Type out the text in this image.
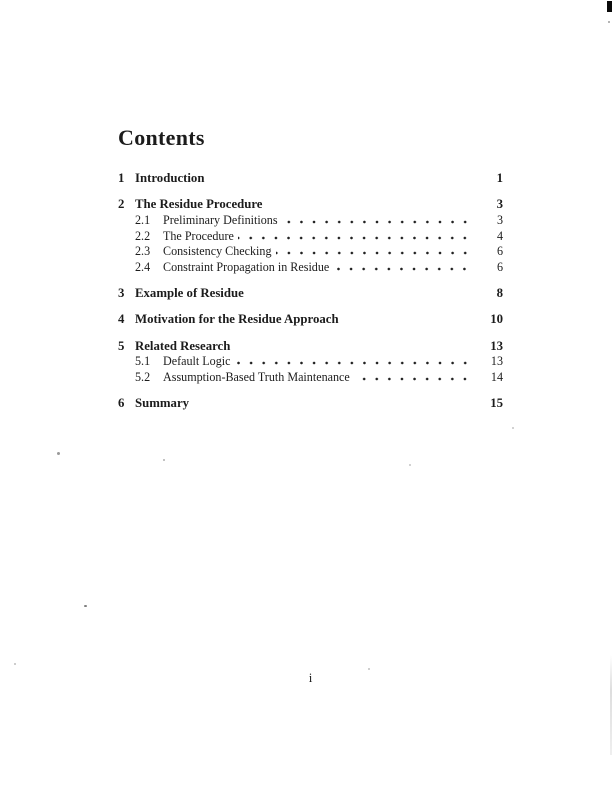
Contents
1 Introduction	1
2 The Residue Procedure	3
2.1	Preliminary Definitions	3
2.2	The Procedure	4
2.3	Consistency Checking	6
2.4	Constraint Propagation in Residue	6
3 Example of Residue	8
4 Motivation for the Residue Approach	10
5 Related Research	13
5.1	Default Logic	13
5.2	Assumption-Based Truth Maintenance	14
6 Summary	15
i
